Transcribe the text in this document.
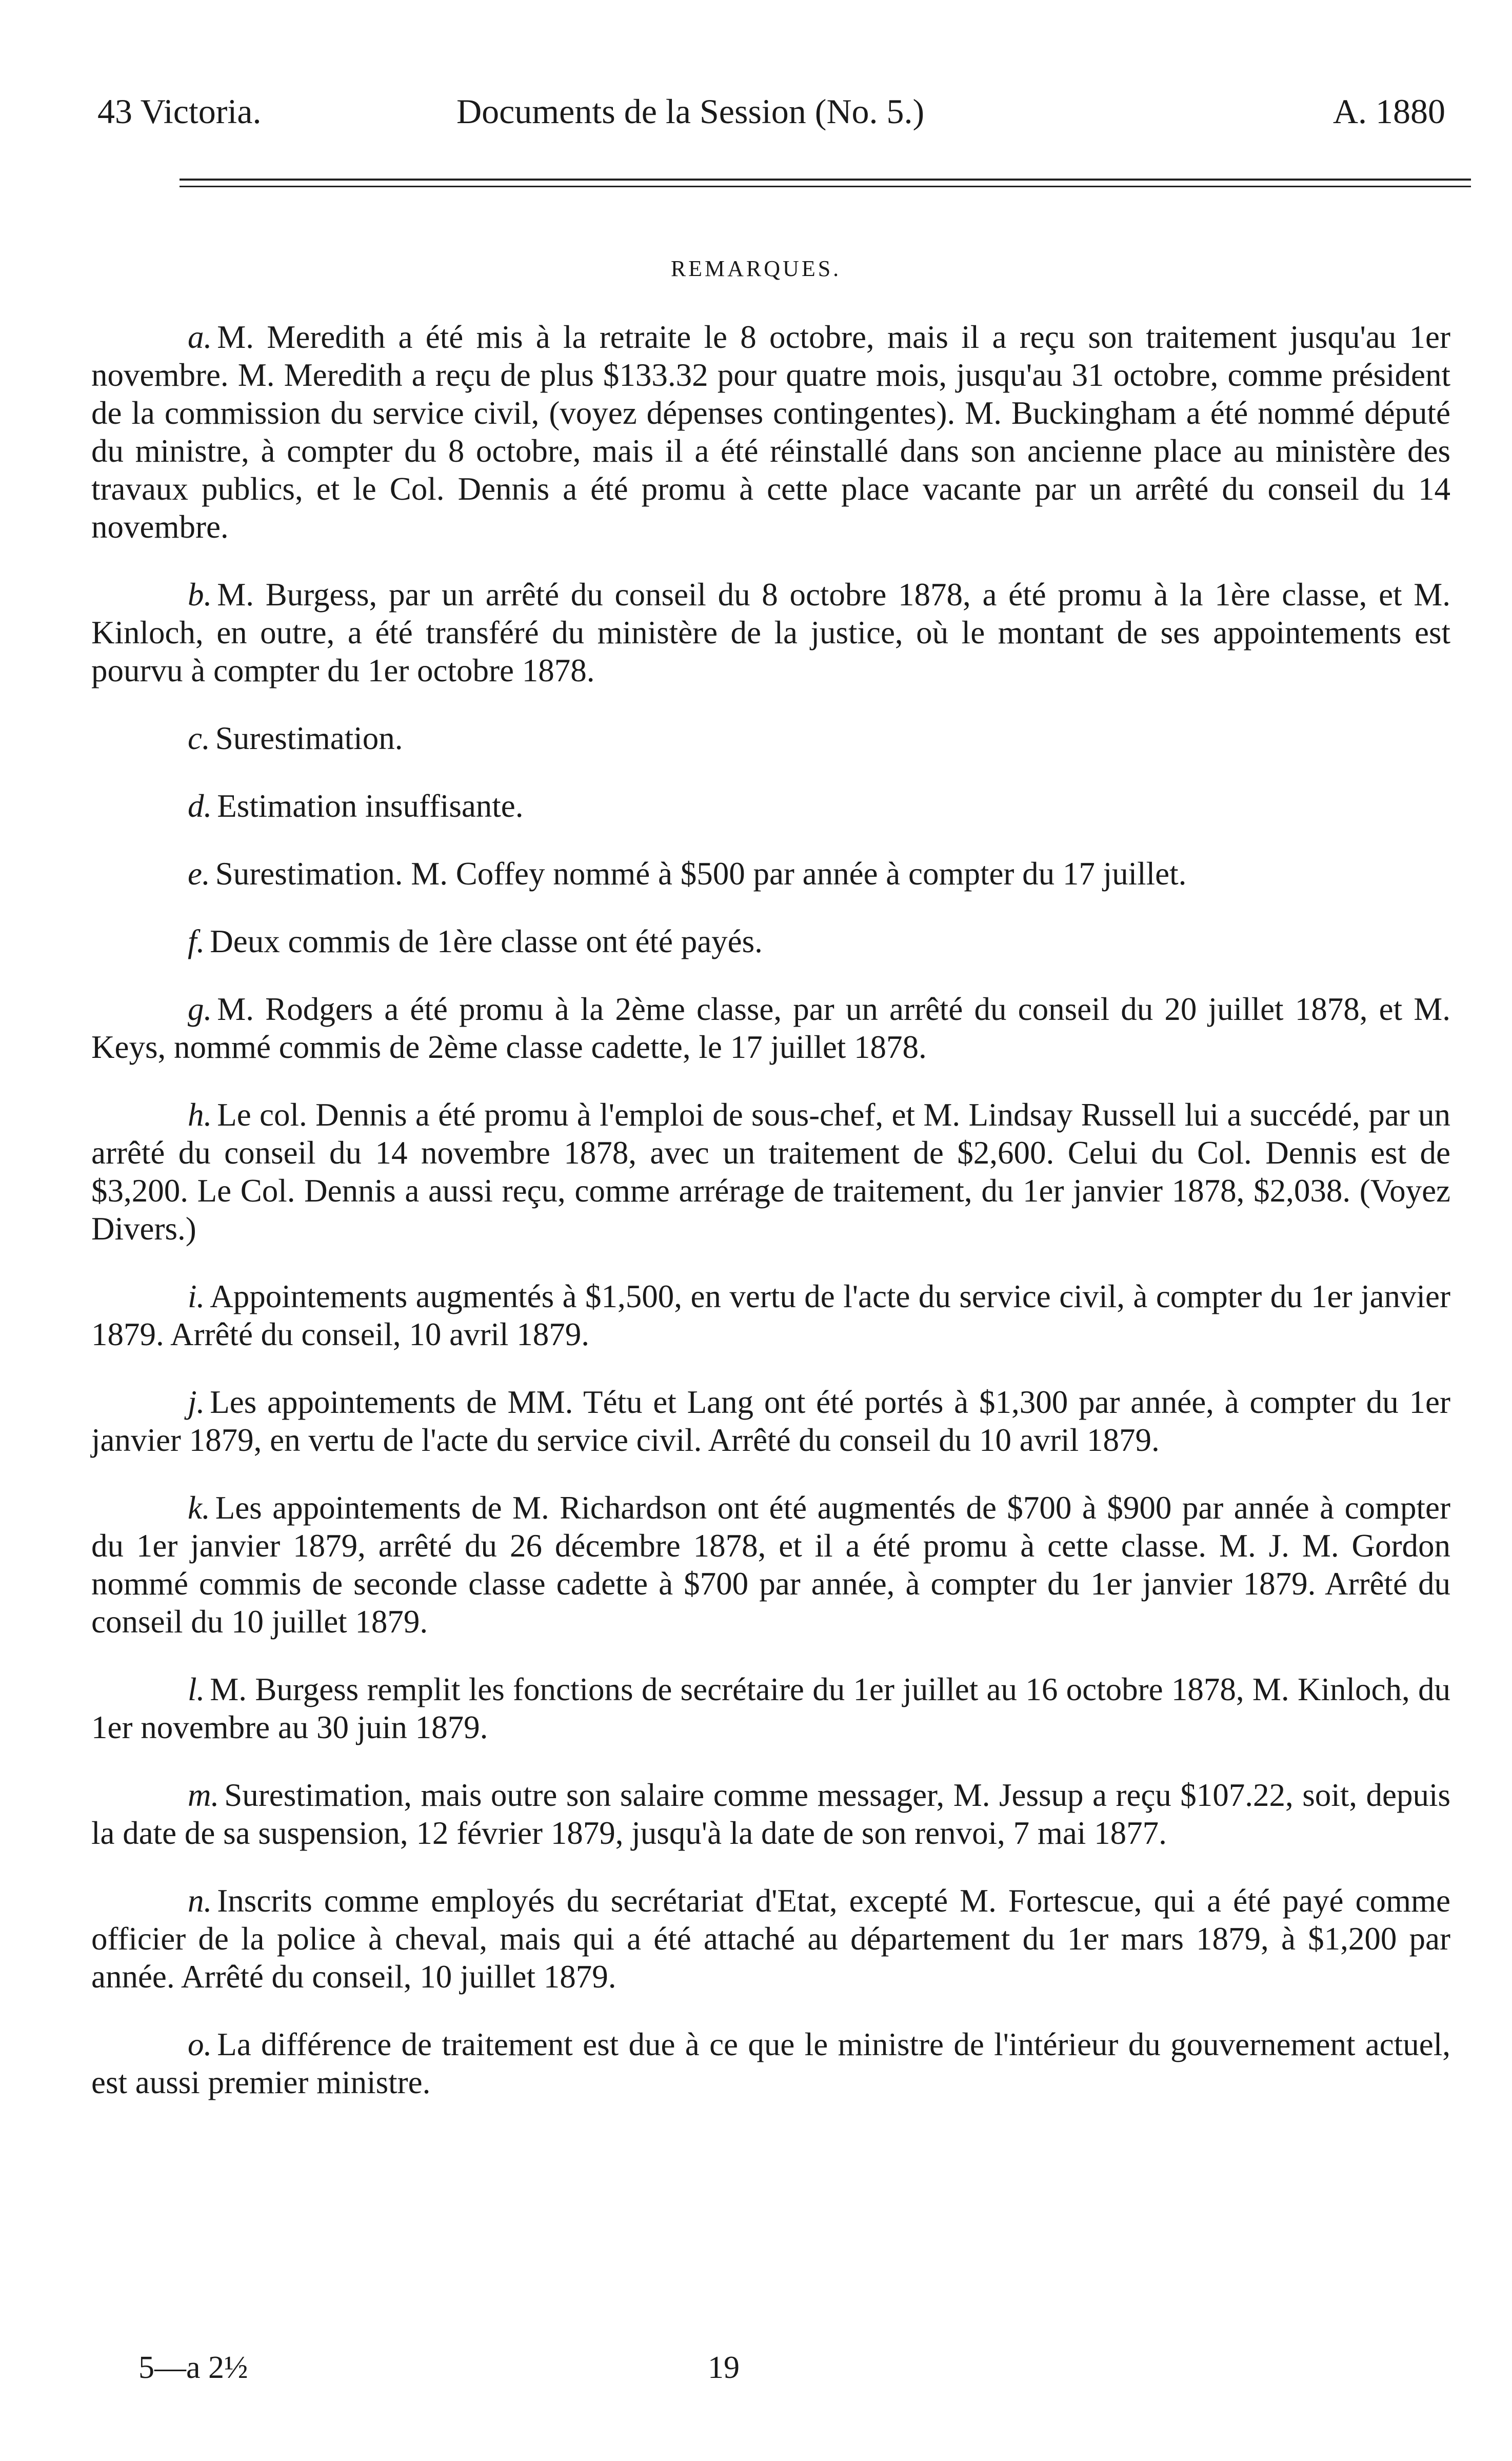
43 Victoria.	Documents de la Session (No. 5.)	A. 1880
REMARQUES.

a. M. Meredith a été mis à la retraite le 8 octobre, mais il a reçu son traitement jusqu'au 1er novembre. M. Meredith a reçu de plus $133.32 pour quatre mois, jusqu'au 31 octobre, comme président de la commission du service civil, (voyez dépenses contingentes). M. Buckingham a été nommé député du ministre, à compter du 8 octobre, mais il a été réinstallé dans son ancienne place au ministère des travaux publics, et le Col. Dennis a été promu à cette place vacante par un arrêté du conseil du 14 novembre.

b. M. Burgess, par un arrêté du conseil du 8 octobre 1878, a été promu à la 1ère classe, et M. Kinloch, en outre, a été transféré du ministère de la justice, où le montant de ses appointements est pourvu à compter du 1er octobre 1878.

c. Surestimation.

d. Estimation insuffisante.

e. Surestimation. M. Coffey nommé à $500 par année à compter du 17 juillet.

f. Deux commis de 1ère classe ont été payés.

g. M. Rodgers a été promu à la 2ème classe, par un arrêté du conseil du 20 juillet 1878, et M. Keys, nommé commis de 2ème classe cadette, le 17 juillet 1878.

h. Le col. Dennis a été promu à l'emploi de sous-chef, et M. Lindsay Russell lui a succédé, par un arrêté du conseil du 14 novembre 1878, avec un traitement de $2,600. Celui du Col. Dennis est de $3,200. Le Col. Dennis a aussi reçu, comme arrérage de traitement, du 1er janvier 1878, $2,038. (Voyez Divers.)

i. Appointements augmentés à $1,500, en vertu de l'acte du service civil, à compter du 1er janvier 1879. Arrêté du conseil, 10 avril 1879.

j. Les appointements de MM. Tétu et Lang ont été portés à $1,300 par année, à compter du 1er janvier 1879, en vertu de l'acte du service civil. Arrêté du conseil du 10 avril 1879.

k. Les appointements de M. Richardson ont été augmentés de $700 à $900 par année à compter du 1er janvier 1879, arrêté du 26 décembre 1878, et il a été promu à cette classe. M. J. M. Gordon nommé commis de seconde classe cadette à $700 par année, à compter du 1er janvier 1879. Arrêté du conseil du 10 juillet 1879.

l. M. Burgess remplit les fonctions de secrétaire du 1er juillet au 16 octobre 1878, M. Kinloch, du 1er novembre au 30 juin 1879.

m. Surestimation, mais outre son salaire comme messager, M. Jessup a reçu $107.22, soit, depuis la date de sa suspension, 12 février 1879, jusqu'à la date de son renvoi, 7 mai 1877.

n. Inscrits comme employés du secrétariat d'Etat, excepté M. Fortescue, qui a été payé comme officier de la police à cheval, mais qui a été attaché au département du 1er mars 1879, à $1,200 par année. Arrêté du conseil, 10 juillet 1879.

o. La différence de traitement est due à ce que le ministre de l'intérieur du gouvernement actuel, est aussi premier ministre.

5—a 2½	19
